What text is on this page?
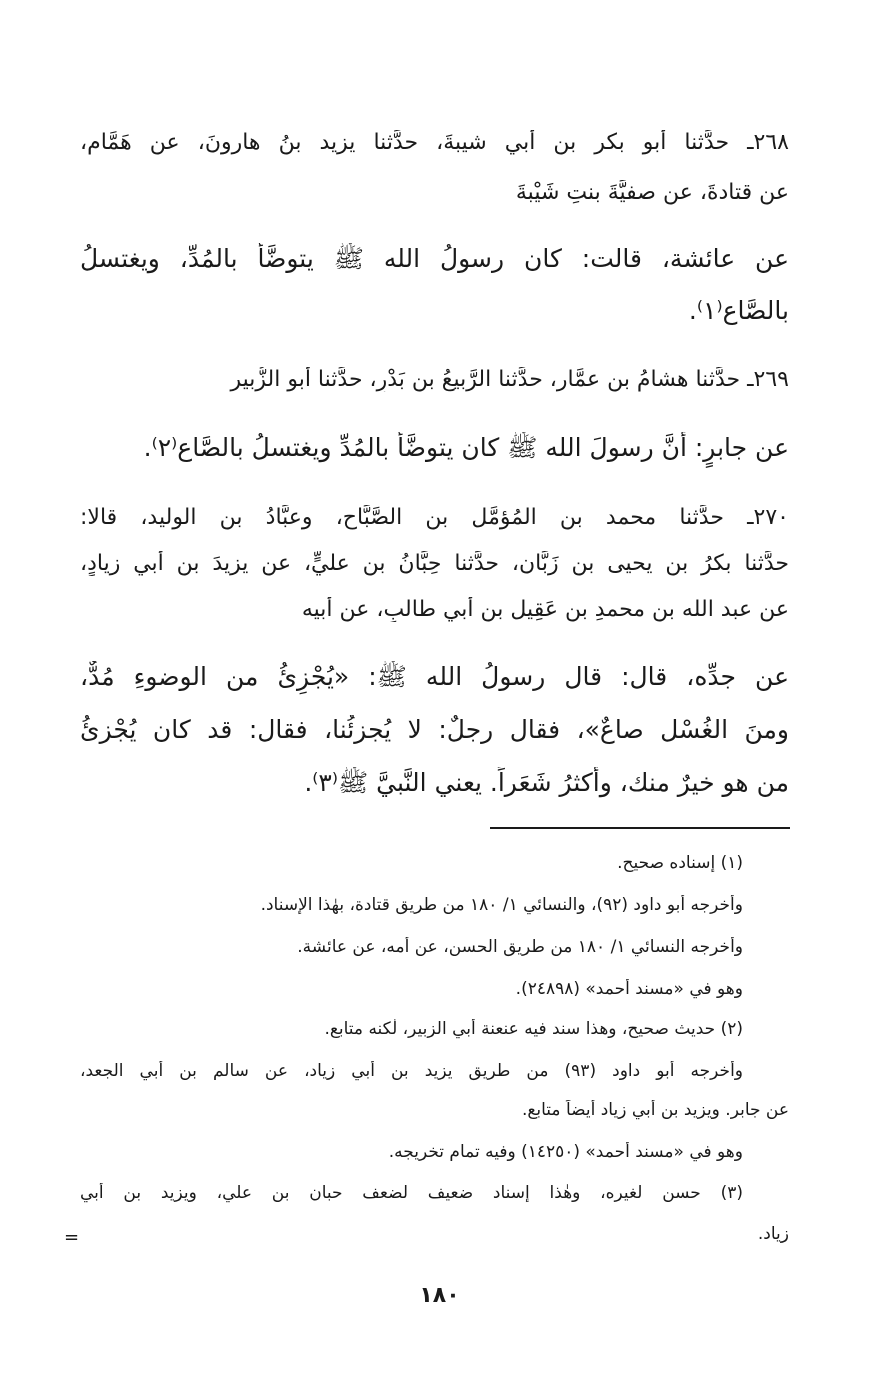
٢٦٨ـ حدَّثنا أبو بكر بن أبي شيبةَ، حدَّثنا يزيد بنُ هارونَ، عن هَمَّامٍ،
عن قتادةَ، عن صفيَّةَ بنتِ شَيْبةَ
عن عائشة، قالت: كان رسولُ الله ﷺ يتوضَّأُ بالمُدِّ، ويغتسلُ
بالصَّاع⁽١⁾.
٢٦٩ـ حدَّثنا هشامُ بن عمَّار، حدَّثنا الرَّبيعُ بن بَدْرٍ، حدَّثنا أبو الزُّبير
عن جابرٍ: أنَّ رسولَ الله ﷺ كان يتوضَّأُ بالمُدِّ ويغتسلُ بالصَّاع⁽٢⁾.
٢٧٠ـ حدَّثنا محمد بن المُؤمَّل بن الصَّبَّاح، وعبَّادُ بن الوليد، قالا:
حدَّثنا بكرُ بن يحيى بن زَبَّان، حدَّثنا حِبَّانُ بن عليٍّ، عن يزيدَ بن أبي زيادٍ،
عن عبد الله بن محمدِ بن عَقِيل بن أبي طالبٍ، عن أبيه
عن جدِّه، قال: قال رسولُ الله ﷺ: «يُجْزِئُ من الوضوءِ مُدٌّ،
ومنَ الغُسْلِ صاعٌ»، فقال رجلٌ: لا يُجزئُنا، فقال: قد كان يُجْزِئُ
من هو خيرٌ منك، وأكثرُ شَعَراً. يعني النَّبيَّ ﷺ⁽٣⁾.
(١) إسناده صحيح.
وأخرجه أبو داود (٩٢)، والنسائي ١/ ١٨٠ من طريق قتادة، بهٰذا الإسناد.
وأخرجه النسائي ١/ ١٨٠ من طريق الحسن، عن أمه، عن عائشة.
وهو في «مسند أحمد» (٢٤٨٩٨).
(٢) حديث صحيح، وهذا سند فيه عنعنة أبي الزبير، لٰكنه متابع.
وأخرجه أبو داود (٩٣) من طريق يزيد بن أبي زياد، عن سالم بن أبي الجعد،
عن جابر. ويزيد بن أبي زياد أيضاً متابع.
وهو في «مسند أحمد» (١٤٢٥٠) وفيه تمام تخريجه.
(٣) حسن لغيره، وهٰذا إسناد ضعيف لضعف حبان بن علي، ويزيد بن أبي
زياد.
=
١٨٠
